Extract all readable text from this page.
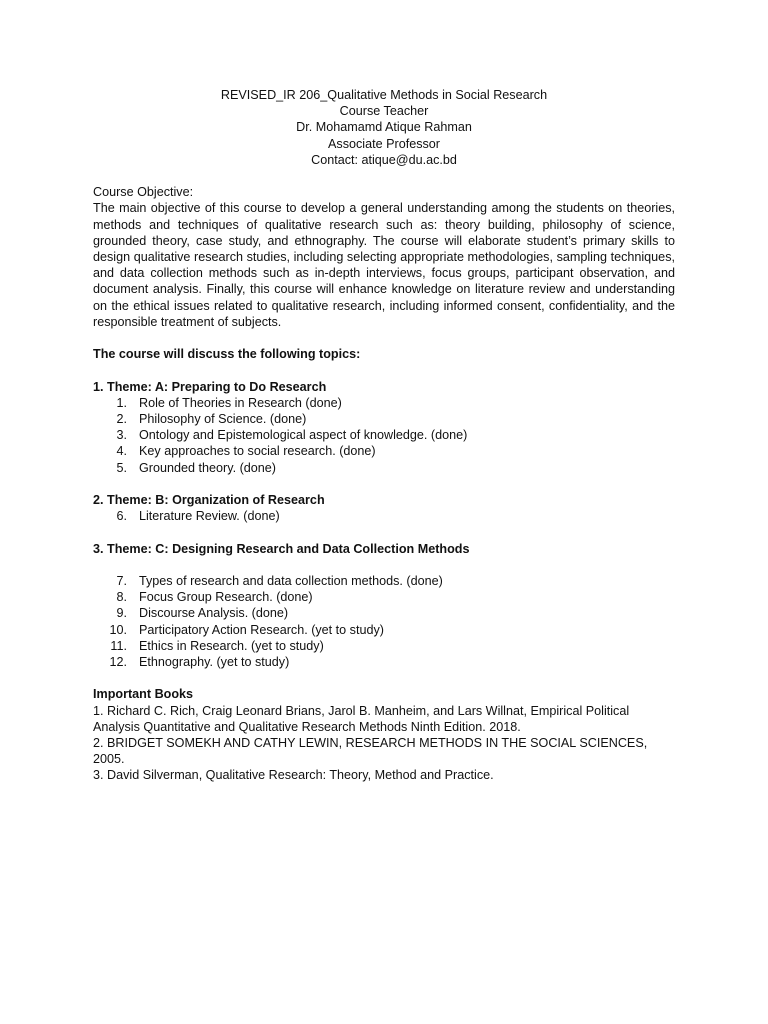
REVISED_IR 206_Qualitative Methods in Social Research
Course Teacher
Dr. Mohamamd Atique Rahman
Associate Professor
Contact: atique@du.ac.bd

Course Objective:

The main objective of this course to develop a general understanding among the students on theories, methods and techniques of qualitative research such as: theory building, philosophy of science, grounded theory, case study, and ethnography. The course will elaborate student’s primary skills to design qualitative research studies, including selecting appropriate methodologies, sampling techniques, and data collection methods such as in-depth interviews, focus groups, participant observation, and document analysis. Finally, this course will enhance knowledge on literature review and understanding on the ethical issues related to qualitative research, including informed consent, confidentiality, and the responsible treatment of subjects.

The course will discuss the following topics:

1. Theme: A: Preparing to Do Research

1. Role of Theories in Research (done)
2. Philosophy of Science. (done)
3. Ontology and Epistemological aspect of knowledge. (done)
4. Key approaches to social research. (done)
5. Grounded theory. (done)

2. Theme: B: Organization of Research

6. Literature Review. (done)

3. Theme: C: Designing Research and Data Collection Methods

7. Types of research and data collection methods. (done)
8. Focus Group Research. (done)
9. Discourse Analysis. (done)
10. Participatory Action Research. (yet to study)
11. Ethics in Research. (yet to study)
12. Ethnography. (yet to study)

Important Books

1. Richard C. Rich, Craig Leonard Brians, Jarol B. Manheim, and Lars Willnat, Empirical Political Analysis Quantitative and Qualitative Research Methods Ninth Edition. 2018.

2. BRIDGET SOMEKH AND CATHY LEWIN, RESEARCH METHODS IN THE SOCIAL SCIENCES, 2005.

3. David Silverman, Qualitative Research: Theory, Method and Practice.
